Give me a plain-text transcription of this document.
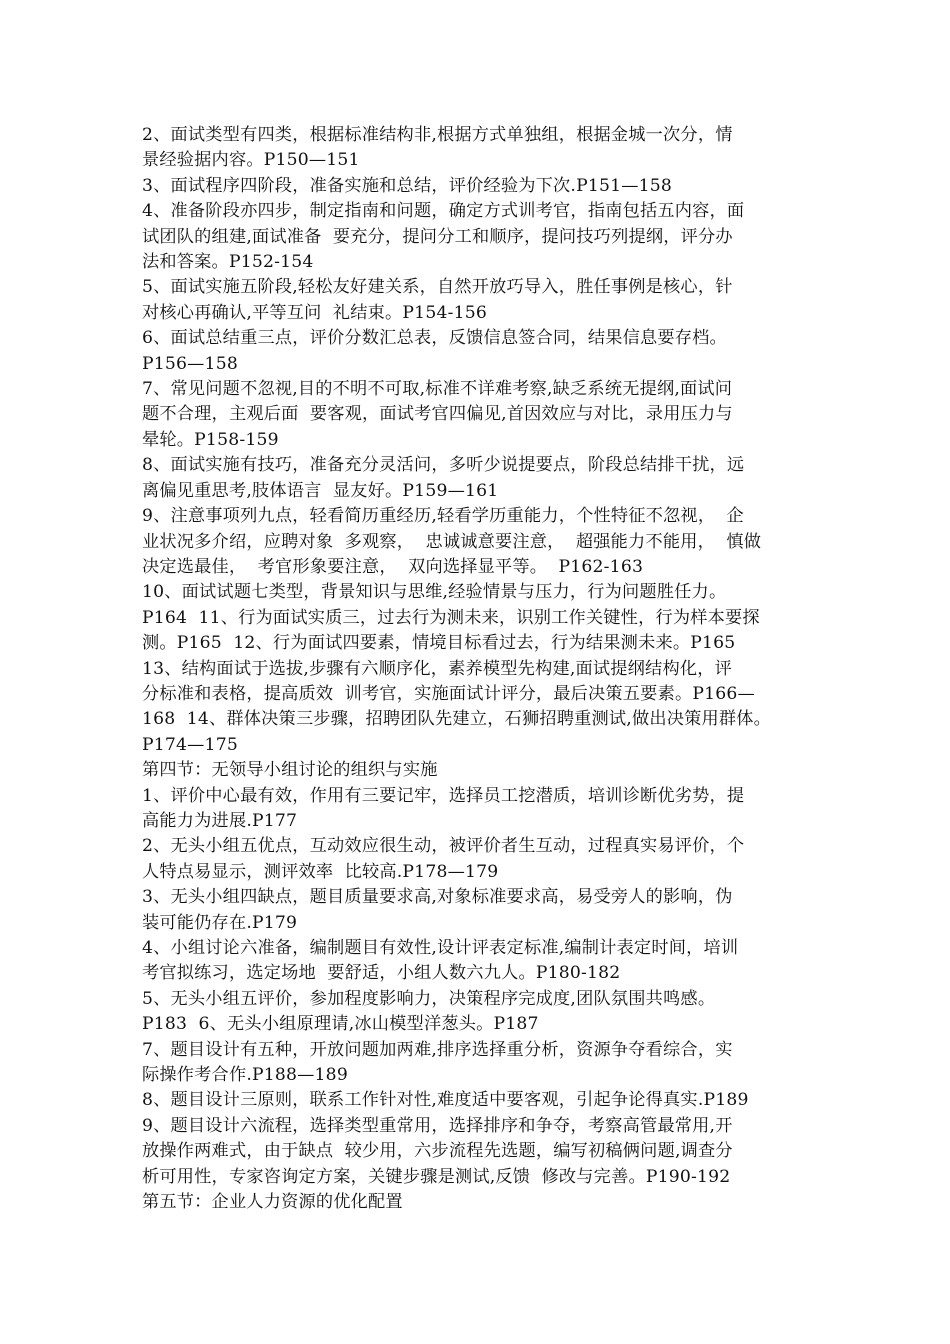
2、面试类型有四类，根据标准结构非,根据方式单独组，根据金城一次分，情
景经验据内容。P150—151
3、面试程序四阶段，准备实施和总结，评价经验为下次.P151—158
4、准备阶段亦四步，制定指南和问题，确定方式训考官，指南包括五内容，面
试团队的组建,面试准备  要充分，提问分工和顺序，提问技巧列提纲，评分办
法和答案。P152-154
5、面试实施五阶段,轻松友好建关系，自然开放巧导入，胜任事例是核心，针
对核心再确认,平等互问  礼结束。P154-156
6、面试总结重三点，评价分数汇总表，反馈信息签合同，结果信息要存档。
P156—158
7、常见问题不忽视,目的不明不可取,标准不详难考察,缺乏系统无提纲,面试问
题不合理，主观后面  要客观，面试考官四偏见,首因效应与对比，录用压力与
晕轮。P158-159
8、面试实施有技巧，准备充分灵活问，多听少说提要点，阶段总结排干扰，远
离偏见重思考,肢体语言  显友好。P159—161
9、注意事项列九点，轻看简历重经历,轻看学历重能力，个性特征不忽视，  企
业状况多介绍，应聘对象  多观察，  忠诚诚意要注意，  超强能力不能用，  慎做
决定选最佳，  考官形象要注意，  双向选择显平等。  P162-163
10、面试试题七类型，背景知识与思维,经验情景与压力，行为问题胜任力。
P164  11、行为面试实质三，过去行为测未来，识别工作关键性，行为样本要探
测。P165  12、行为面试四要素，情境目标看过去，行为结果测未来。P165
13、结构面试于选拔,步骤有六顺序化，素养模型先构建,面试提纲结构化，评
分标准和表格，提高质效  训考官，实施面试计评分，最后决策五要素。P166—
168  14、群体决策三步骤，招聘团队先建立，石狮招聘重测试,做出决策用群体。
P174—175
第四节：无领导小组讨论的组织与实施
1、评价中心最有效，作用有三要记牢，选择员工挖潜质，培训诊断优劣势，提
高能力为进展.P177
2、无头小组五优点，互动效应很生动，被评价者生互动，过程真实易评价，个
人特点易显示，测评效率  比较高.P178—179
3、无头小组四缺点，题目质量要求高,对象标准要求高，易受旁人的影响，伪
装可能仍存在.P179
4、小组讨论六准备，编制题目有效性,设计评表定标准,编制计表定时间，培训
考官拟练习，选定场地  要舒适，小组人数六九人。P180-182
5、无头小组五评价，参加程度影响力，决策程序完成度,团队氛围共鸣感。
P183  6、无头小组原理请,冰山模型洋葱头。P187
7、题目设计有五种，开放问题加两难,排序选择重分析，资源争夺看综合，实
际操作考合作.P188—189
8、题目设计三原则，联系工作针对性,难度适中要客观，引起争论得真实.P189
9、题目设计六流程，选择类型重常用，选择排序和争夺，考察高管最常用,开
放操作两难式，由于缺点  较少用，六步流程先选题，编写初稿俩问题,调查分
析可用性，专家咨询定方案，关键步骤是测试,反馈  修改与完善。P190-192
第五节：企业人力资源的优化配置
